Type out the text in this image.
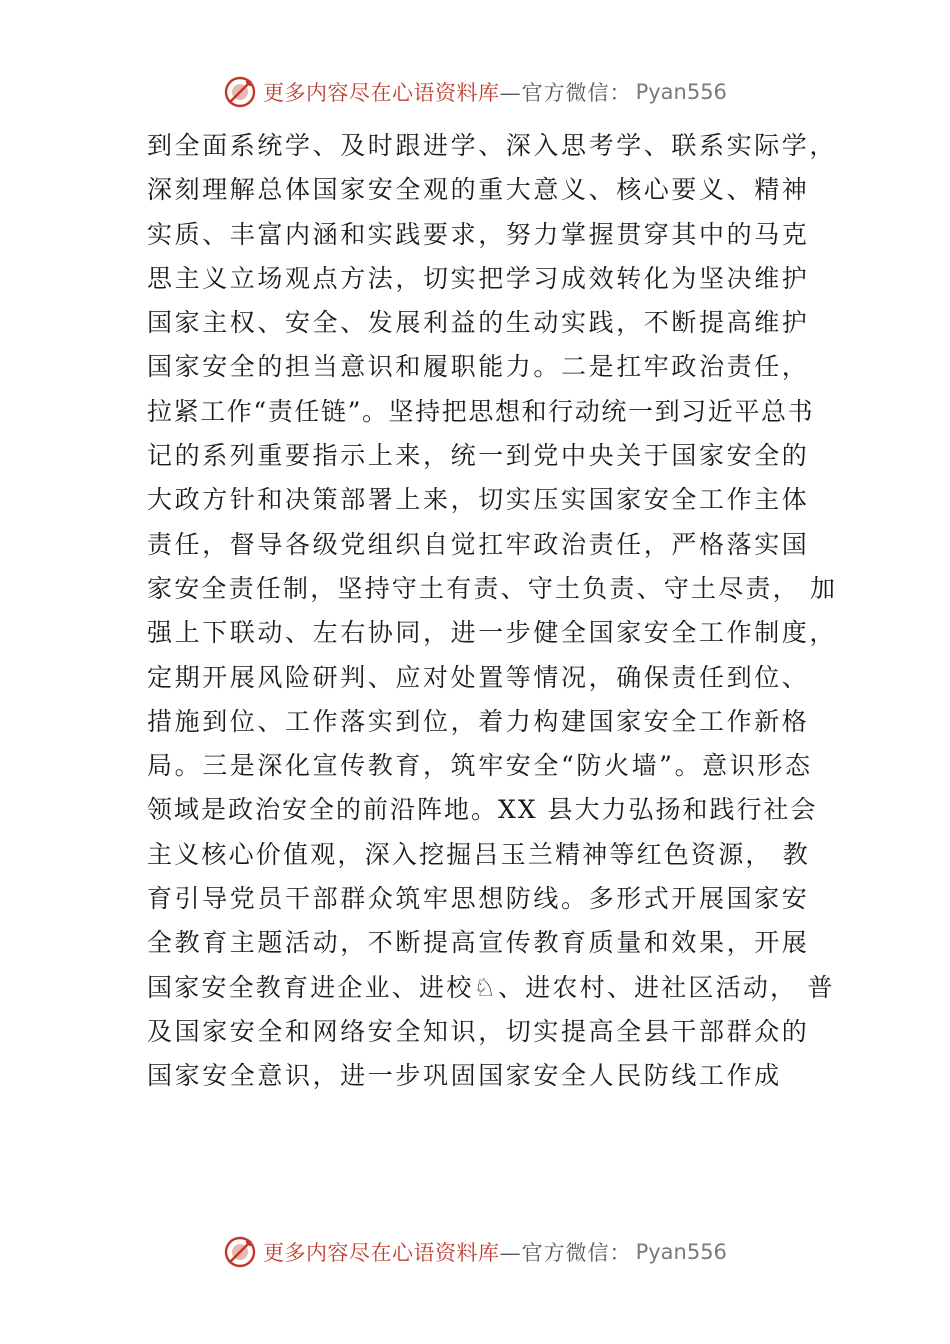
更多内容尽在心语资料库 —官方微信： Pyan556
到全面系统学、及时跟进学、深入思考学、联系实际学，
深刻理解总体国家安全观的重大意义、核心要义、精神
实质、丰富内涵和实践要求，努力掌握贯穿其中的马克
思主义立场观点方法，切实把学习成效转化为坚决维护
国家主权、安全、发展利益的生动实践，不断提高维护
国家安全的担当意识和履职能力。二是扛牢政治责任，
拉紧工作“责任链”。坚持把思想和行动统一到习近平总书
记的系列重要指示上来，统一到党中央关于国家安全的
大政方针和决策部署上来，切实压实国家安全工作主体
责任，督导各级党组织自觉扛牢政治责任，严格落实国
家安全责任制，坚持守土有责、守土负责、守土尽责， 加
强上下联动、左右协同，进一步健全国家安全工作制度，
定期开展风险研判、应对处置等情况，确保责任到位、
措施到位、工作落实到位，着力构建国家安全工作新格
局。三是深化宣传教育，筑牢安全“防火墙”。意识形态
领域是政治安全的前沿阵地。XX 县大力弘扬和践行社会
主义核心价值观，深入挖掘吕玉兰精神等红色资源， 教
育引导党员干部群众筑牢思想防线。多形式开展国家安
全教育主题活动，不断提高宣传教育质量和效果，开展
国家安全教育进企业、进校♘、进农村、进社区活动， 普
及国家安全和网络安全知识，切实提高全县干部群众的
国家安全意识，进一步巩固国家安全人民防线工作成
更多内容尽在心语资料库 —官方微信： Pyan556
